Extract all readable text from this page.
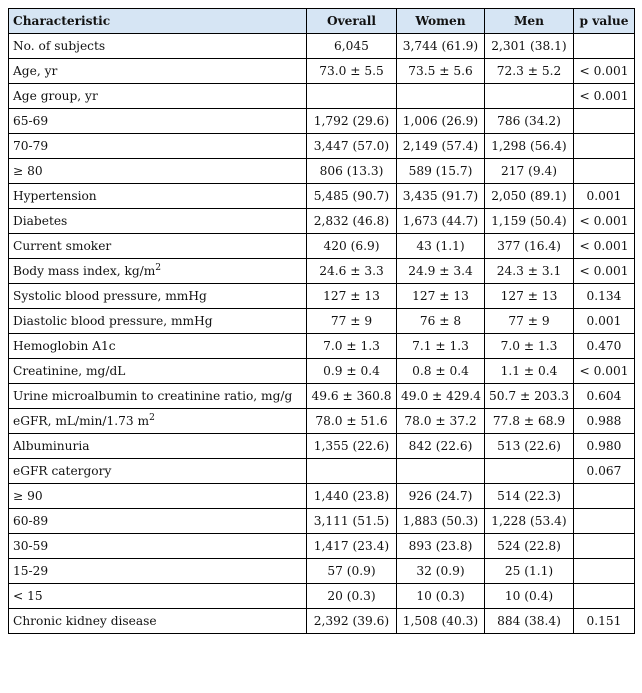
Characteristic	Overall	Women	Men	p value
No. of subjects	6,045	3,744 (61.9)	2,301 (38.1)	
Age, yr	73.0 ± 5.5	73.5 ± 5.6	72.3 ± 5.2	< 0.001
Age group, yr				< 0.001
65-69	1,792 (29.6)	1,006 (26.9)	786 (34.2)	
70-79	3,447 (57.0)	2,149 (57.4)	1,298 (56.4)	
≥ 80	806 (13.3)	589 (15.7)	217 (9.4)	
Hypertension	5,485 (90.7)	3,435 (91.7)	2,050 (89.1)	0.001
Diabetes	2,832 (46.8)	1,673 (44.7)	1,159 (50.4)	< 0.001
Current smoker	420 (6.9)	43 (1.1)	377 (16.4)	< 0.001
Body mass index, $kg/m^2$	24.6 ± 3.3	24.9 ± 3.4	24.3 ± 3.1	< 0.001
Systolic blood pressure, mmHg	127 ± 13	127 ± 13	127 ± 13	0.134
Diastolic blood pressure, mmHg	77 ± 9	76 ± 8	77 ± 9	0.001
Hemoglobin A1c	7.0 ± 1.3	7.1 ± 1.3	7.0 ± 1.3	0.470
Creatinine, mg/dL	0.9 ± 0.4	0.8 ± 0.4	1.1 ± 0.4	< 0.001
Urine microalbumin to creatinine ratio, mg/g	49.6 ± 360.8	49.0 ± 429.4	50.7 ± 203.3	0.604
eGFR, mL/min/1.73 $m^2$	78.0 ± 51.6	78.0 ± 37.2	77.8 ± 68.9	0.988
Albuminuria	1,355 (22.6)	842 (22.6)	513 (22.6)	0.980
eGFR catergory				0.067
≥ 90	1,440 (23.8)	926 (24.7)	514 (22.3)	
60-89	3,111 (51.5)	1,883 (50.3)	1,228 (53.4)	
30-59	1,417 (23.4)	893 (23.8)	524 (22.8)	
15-29	57 (0.9)	32 (0.9)	25 (1.1)	
< 15	20 (0.3)	10 (0.3)	10 (0.4)	
Chronic kidney disease	2,392 (39.6)	1,508 (40.3)	884 (38.4)	0.151
